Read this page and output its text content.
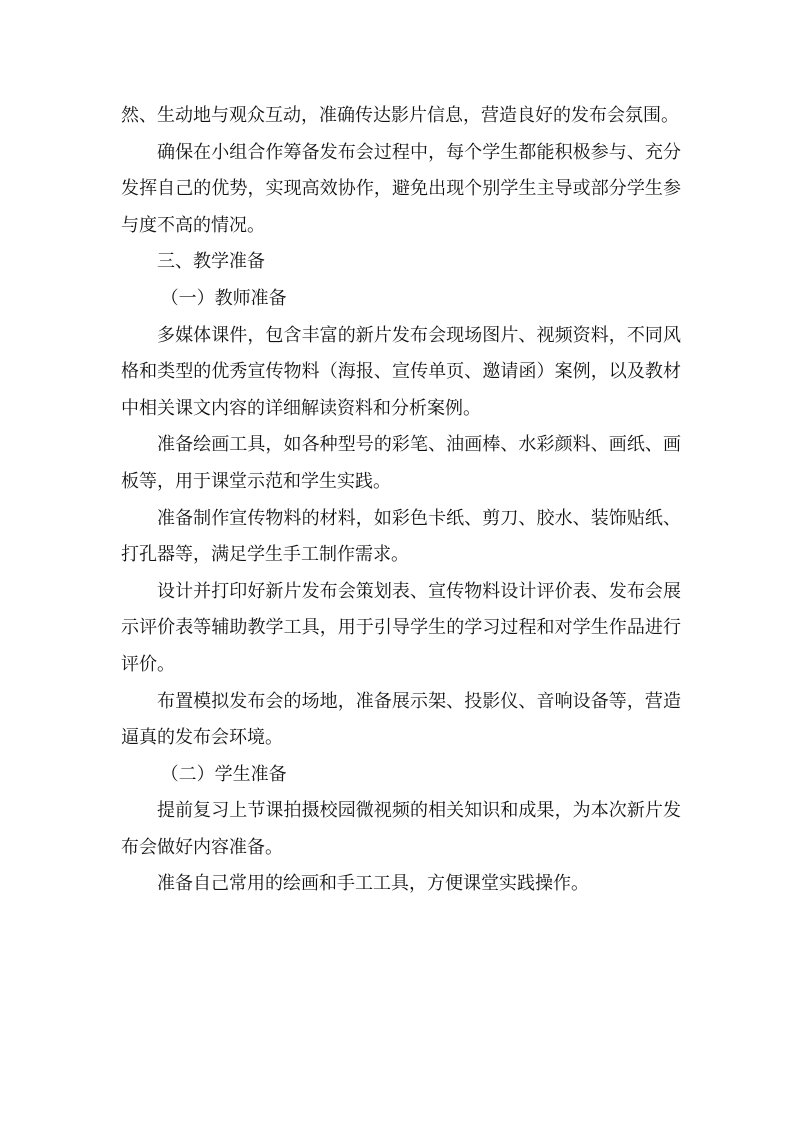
然、生动地与观众互动，准确传达影片信息，营造良好的发布会氛围。

确保在小组合作筹备发布会过程中，每个学生都能积极参与、充分发挥自己的优势，实现高效协作，避免出现个别学生主导或部分学生参与度不高的情况。

三、教学准备

（一）教师准备

多媒体课件，包含丰富的新片发布会现场图片、视频资料，不同风格和类型的优秀宣传物料（海报、宣传单页、邀请函）案例，以及教材中相关课文内容的详细解读资料和分析案例。

准备绘画工具，如各种型号的彩笔、油画棒、水彩颜料、画纸、画板等，用于课堂示范和学生实践。

准备制作宣传物料的材料，如彩色卡纸、剪刀、胶水、装饰贴纸、打孔器等，满足学生手工制作需求。

设计并打印好新片发布会策划表、宣传物料设计评价表、发布会展示评价表等辅助教学工具，用于引导学生的学习过程和对学生作品进行评价。

布置模拟发布会的场地，准备展示架、投影仪、音响设备等，营造逼真的发布会环境。

（二）学生准备

提前复习上节课拍摄校园微视频的相关知识和成果，为本次新片发布会做好内容准备。

准备自己常用的绘画和手工工具，方便课堂实践操作。
